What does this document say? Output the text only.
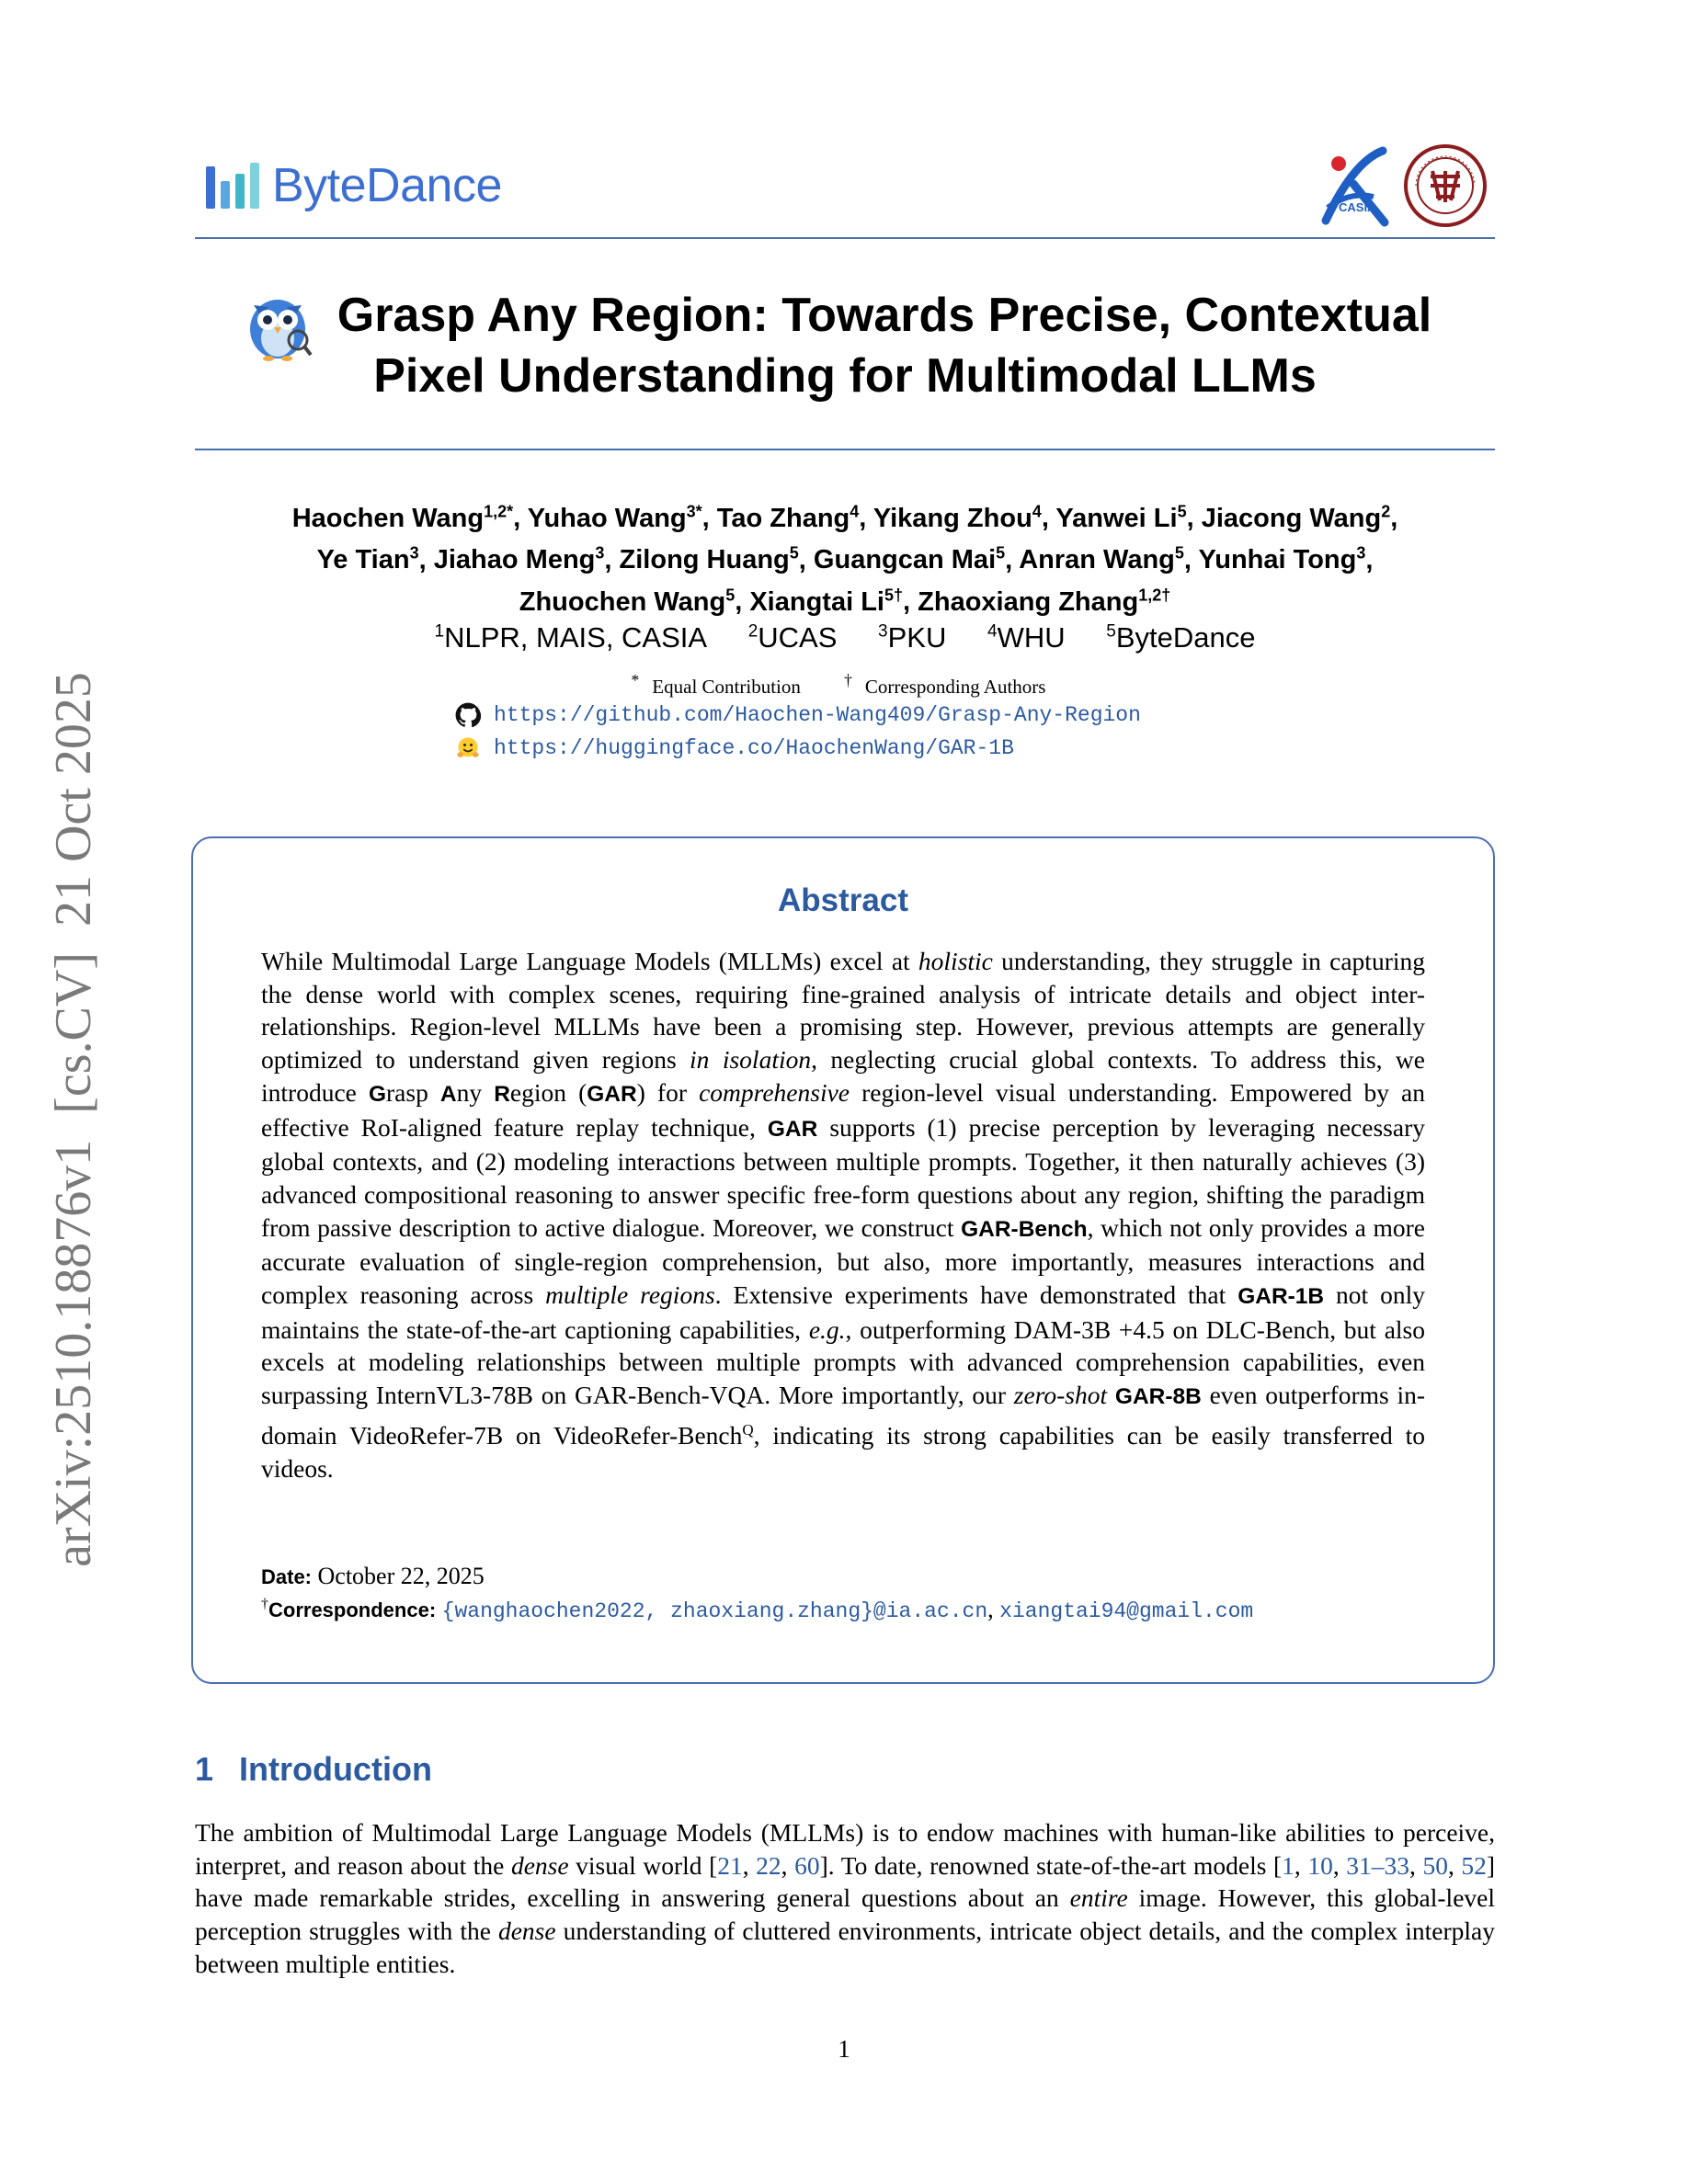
ByteDance	CASIA
Grasp Any Region: Towards Precise, Contextual
Pixel Understanding for Multimodal LLMs
Haochen Wang$^{1,2*}$, Yuhao Wang$^{3*}$, Tao Zhang$^4$, Yikang Zhou$^4$, Yanwei Li$^5$, Jiacong Wang$^2$,
Ye Tian$^3$, Jiahao Meng$^3$, Zilong Huang$^5$, Guangcan Mai$^5$, Anran Wang$^5$, Yunhai Tong$^3$,
Zhuochen Wang$^5$, Xiangtai $Li^{5\dagger}$, Zhaoxiang Zhang$^{1,2\dagger}$
$^1$NLPR, MAIS, CASIA $^2$UCAS $^3$PKU $^4$WHU $^5$ByteDance
* Equal Contribution	† Corresponding Authors
https://github.com/Haochen-Wang409/Grasp-Any-Region
https://huggingface.co/HaochenWang/GAR-1B
Abstract
While Multimodal Large Language Models (MLLMs) excel at holistic understanding, they struggle in capturing the dense world with complex scenes, requiring fine-grained analysis of intricate details and object inter-relationships. Region-level MLLMs have been a promising step. However, previous attempts are generally optimized to understand given regions in isolation, neglecting crucial global contexts. To address this, we introduce Grasp Any Region (GAR) for comprehensive region-level visual understanding. Empowered by an effective RoI-aligned feature replay technique, GAR supports (1) precise perception by leveraging necessary global contexts, and (2) modeling interactions between multiple prompts. Together, it then naturally achieves (3) advanced compositional reasoning to answer specific free-form questions about any region, shifting the paradigm from passive description to active dialogue. Moreover, we construct GAR-Bench, which not only provides a more accurate evaluation of single-region comprehension, but also, more importantly, measures interactions and complex reasoning across multiple regions. Extensive experiments have demonstrated that GAR-1B not only maintains the state-of-the-art captioning capabilities, e.g., outperforming DAM-3B +4.5 on DLC-Bench, but also excels at modeling relationships between multiple prompts with advanced comprehension capabilities, even surpassing InternVL3-78B on GAR-Bench-VQA. More importantly, our zero-shot GAR-8B even outperforms in-domain VideoRefer-7B on VideoRefer-Bench$^Q$, indicating its strong capabilities can be easily transferred to videos.
Date: October 22, 2025
†Correspondence: {wanghaochen2022, zhaoxiang.zhang}@ia.ac.cn, xiangtai94@gmail.com
1 Introduction
The ambition of Multimodal Large Language Models (MLLMs) is to endow machines with human-like abilities to perceive, interpret, and reason about the dense visual world [21, 22, 60]. To date, renowned state-of-the-art models [1, 10, 31–33, 50, 52] have made remarkable strides, excelling in answering general questions about an entire image. However, this global-level perception struggles with the dense understanding of cluttered environments, intricate object details, and the complex interplay between multiple entities.
1
arXiv:2510.18876v1  [cs.CV]  21 Oct 2025
